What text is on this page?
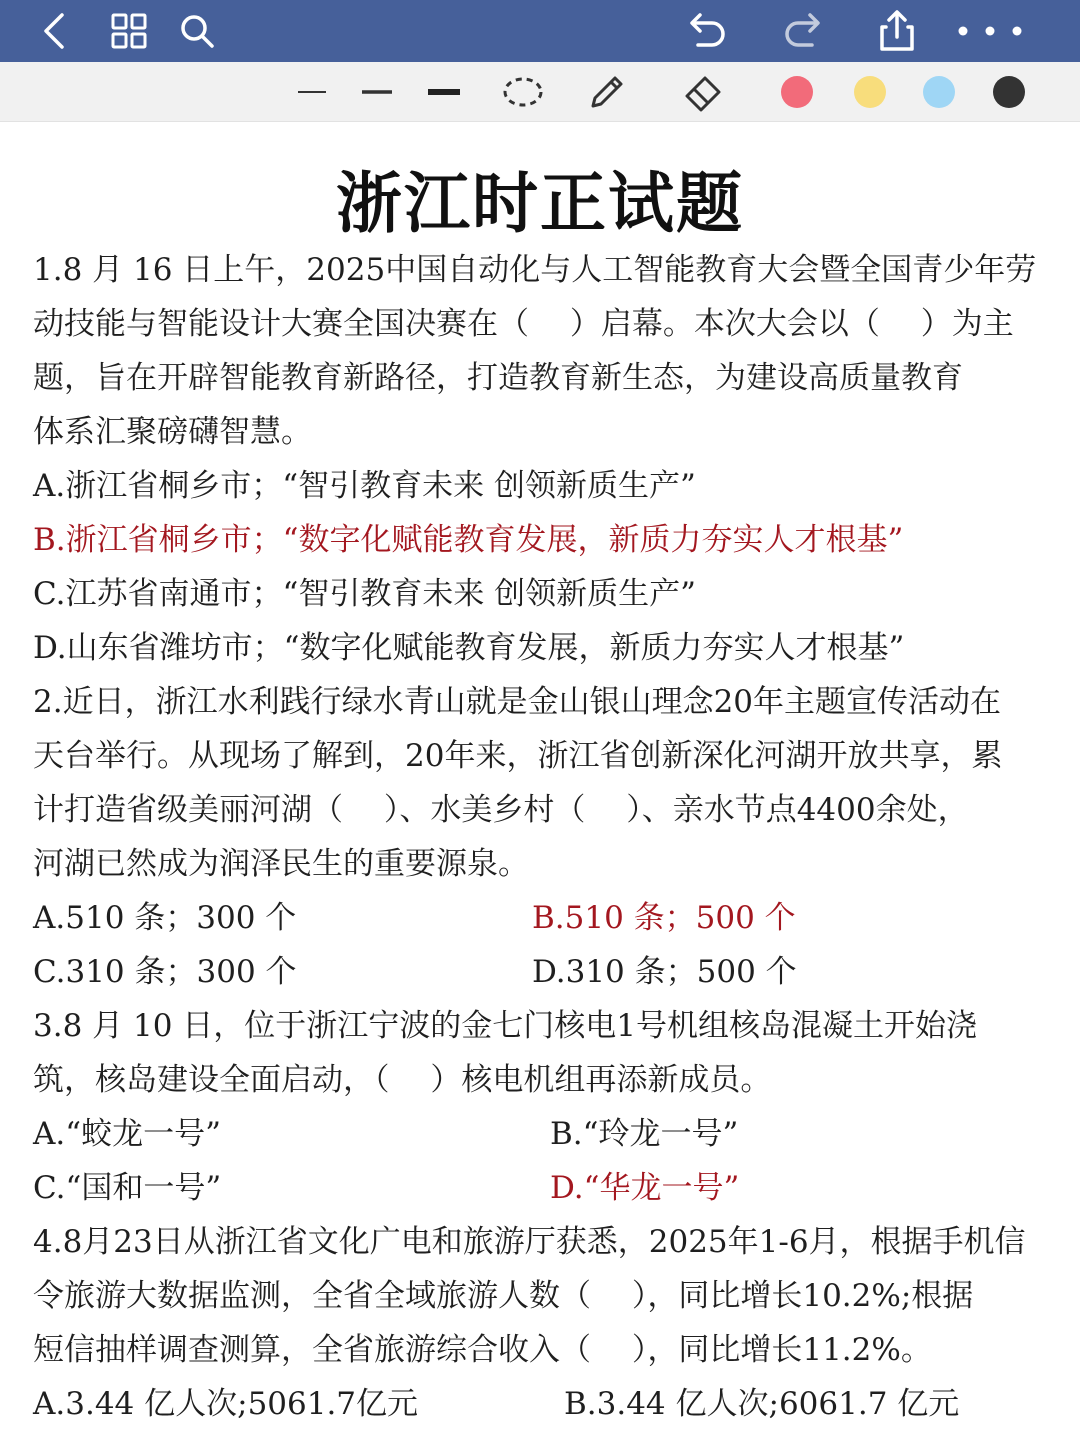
浙江时正试题
1.8 月 16 日上午，2025中国自动化与人工智能教育大会暨全国青少年劳
动技能与智能设计大赛全国决赛在（　 ）启幕。本次大会以（　 ）为主
题，旨在开辟智能教育新路径，打造教育新生态，为建设高质量教育
体系汇聚磅礴智慧。
A.浙江省桐乡市；“智引教育未来 创领新质生产”
B.浙江省桐乡市；“数字化赋能教育发展，新质力夯实人才根基”
C.江苏省南通市；“智引教育未来 创领新质生产”
D.山东省潍坊市；“数字化赋能教育发展，新质力夯实人才根基”
2.近日，浙江水利践行绿水青山就是金山银山理念20年主题宣传活动在
天台举行。从现场了解到，20年来，浙江省创新深化河湖开放共享，累
计打造省级美丽河湖（　 ）、水美乡村（　 ）、亲水节点4400余处，
河湖已然成为润泽民生的重要源泉。
A.510 条；300 个	B.510 条；500 个
C.310 条；300 个	D.310 条；500 个
3.8 月 10 日，位于浙江宁波的金七门核电1号机组核岛混凝土开始浇
筑，核岛建设全面启动，（　 ）核电机组再添新成员。
A.“蛟龙一号”	B.“玲龙一号”
C.“国和一号”	D.“华龙一号”
4.8月23日从浙江省文化广电和旅游厅获悉，2025年1-6月，根据手机信
令旅游大数据监测，全省全域旅游人数（　 ），同比增长10.2%;根据
短信抽样调查测算，全省旅游综合收入（　 ），同比增长11.2%。
A.3.44 亿人次;5061.7亿元	B.3.44 亿人次;6061.7 亿元
